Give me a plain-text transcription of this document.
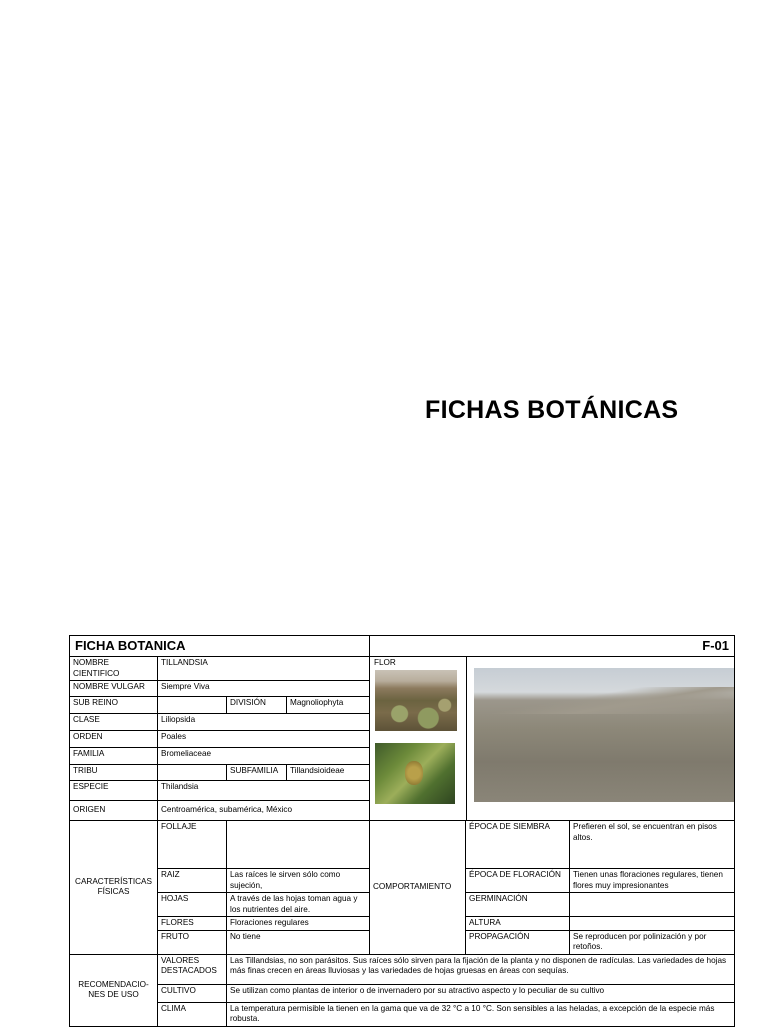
FICHAS BOTÁNICAS
FICHA BOTANICA				F-01		
NOMBRE CIENTIFICO	TILLANDSIA			FLOR		

NOMBRE VULGAR	Siempre Viva					
SUB REINO		DIVISIÓN	Magnoliophyta			
CLASE	Liliopsida					
ORDEN	Poales					
FAMILIA	Bromeliaceae					
TRIBU		SUBFAMILIA	Tillandsioideae			
ESPECIE	Thilandsia					
ORIGEN	Centroamérica, subamérica, México					
CARACTERÍSTICAS FÍSICAS	FOLLAJE			COMPORTAMIENTO	ÉPOCA DE SIEMBRA	Prefieren el sol, se encuentran en pisos altos.
	RAIZ	Las raíces le sirven sólo como sujeción,			ÉPOCA DE FLORACIÓN	Tienen unas floraciones regulares, tienen flores muy impresionantes
	HOJAS	A través de las hojas toman agua y los nutrientes del aire.			GERMINACIÓN	
	FLORES	Floraciones regulares			ALTURA	
	FRUTO	No tiene			PROPAGACIÓN	Se reproducen por polinización y por retoños.
RECOMENDACIO-NES DE USO	VALORES DESTACADOS	Las Tillandsias, no son parásitos. Sus raíces sólo sirven para la fijación de la planta y no disponen de radículas. Las variedades de hojas más finas crecen en áreas lluviosas y las variedades de hojas gruesas en áreas con sequías.				
	CULTIVO	Se utilizan como plantas de interior o de invernadero por su atractivo aspecto y lo peculiar de su cultivo				
	CLIMA	La temperatura permisible la tienen en la gama que va de 32 °C a 10 °C. Son sensibles a las heladas, a excepción de la especie más robusta.				
